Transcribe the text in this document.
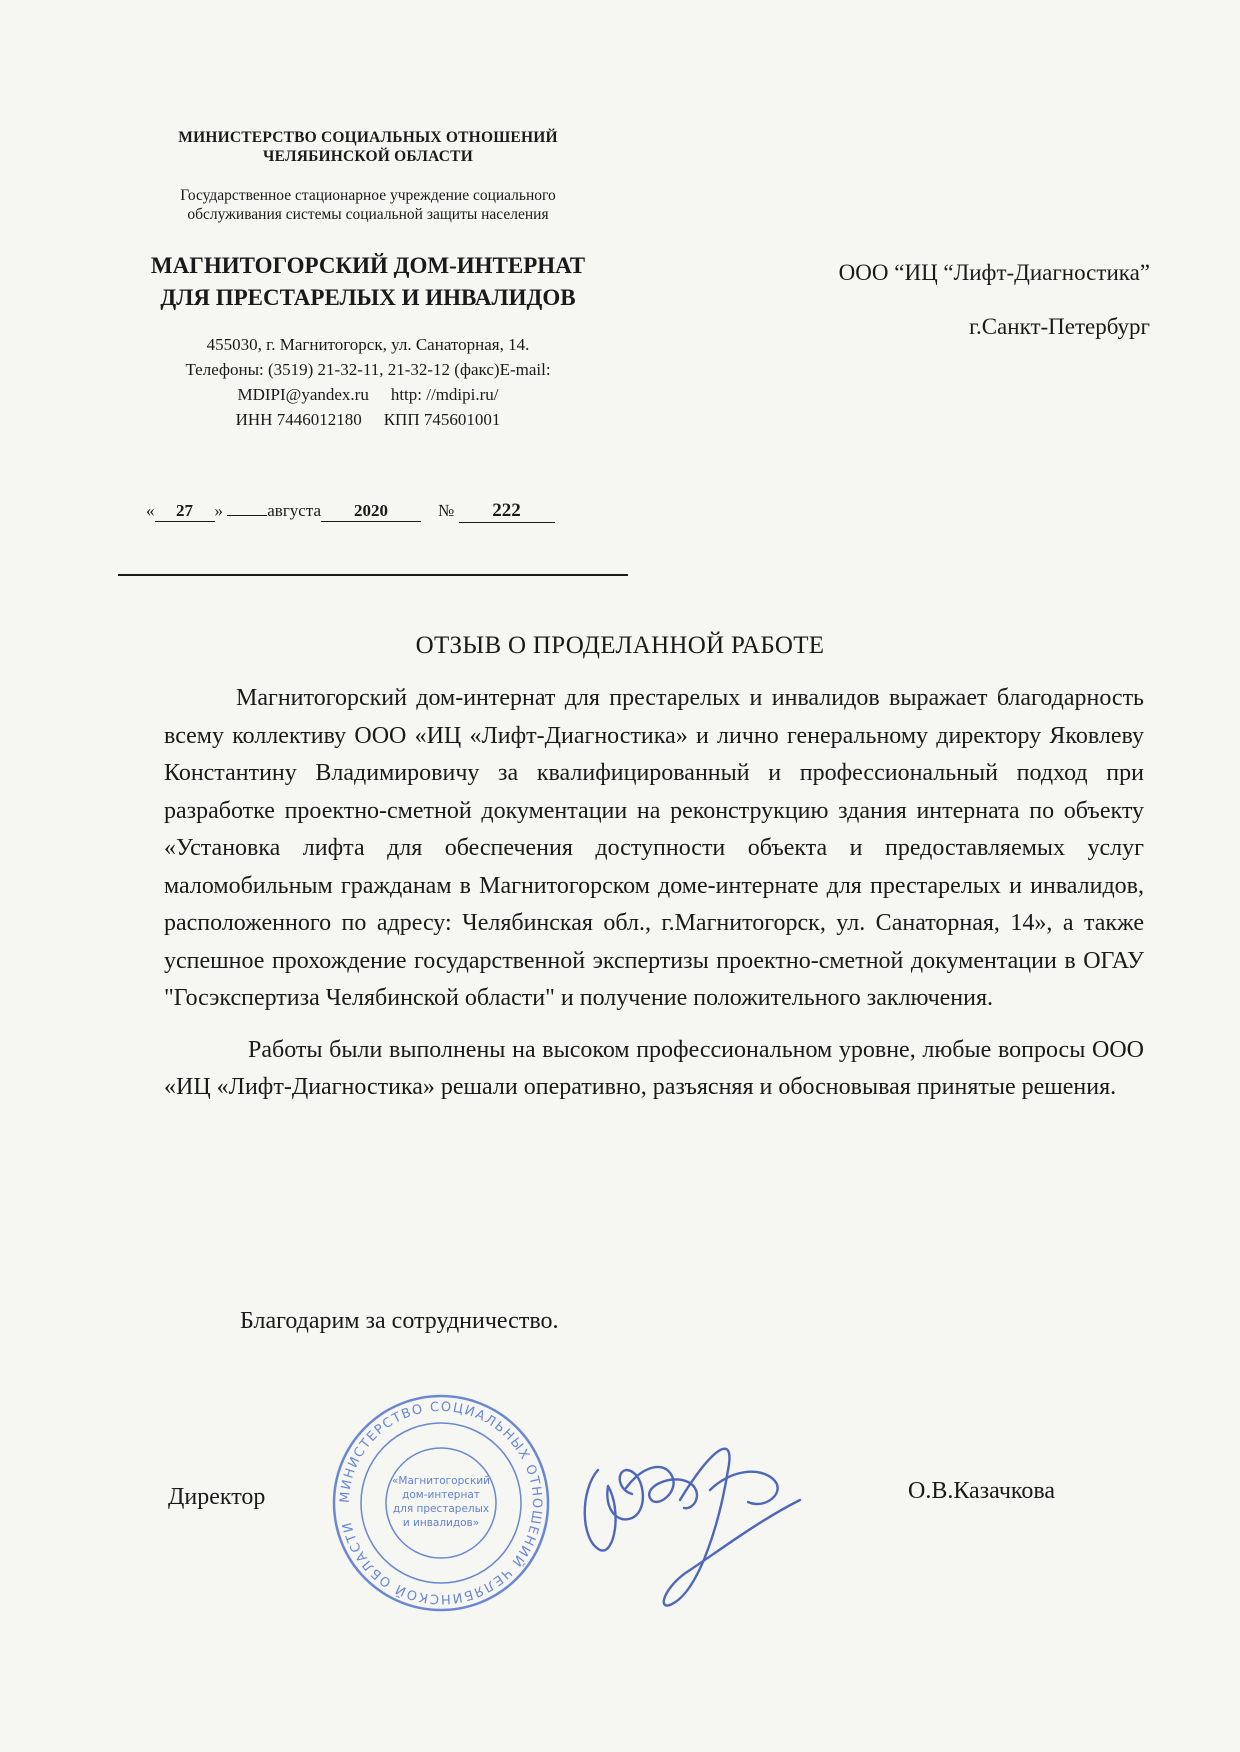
МИНИСТЕРСТВО СОЦИАЛЬНЫХ ОТНОШЕНИЙ
ЧЕЛЯБИНСКОЙ ОБЛАСТИ
Государственное стационарное учреждение социального
обслуживания системы социальной защиты населения
МАГНИТОГОРСКИЙ ДОМ-ИНТЕРНАТ
ДЛЯ ПРЕСТАРЕЛЫХ И ИНВАЛИДОВ
455030, г. Магнитогорск, ул. Санаторная, 14.
Телефоны: (3519) 21-32-11, 21-32-12 (факс)E-mail:
MDIPI@yandex.ru http: //mdipi.ru/
ИНН 7446012180 КПП 745601001
« 27 »	августа 2020	№ 222
ООО “ИЦ “Лифт-Диагностика”
г.Санкт-Петербург
ОТЗЫВ О ПРОДЕЛАННОЙ РАБОТЕ

Магнитогорский дом-интернат для престарелых и инвалидов выражает благодарность всему коллективу ООО «ИЦ «Лифт-Диагностика» и лично генеральному директору Яковлеву Константину Владимировичу за квалифицированный и профессиональный подход при разработке проектно-сметной документации на реконструкцию здания интерната по объекту «Установка лифта для обеспечения доступности объекта и предоставляемых услуг маломобильным гражданам в Магнитогорском доме-интернате для престарелых и инвалидов, расположенного по адресу: Челябинская обл., г.Магнитогорск, ул. Санаторная, 14», а также успешное прохождение государственной экспертизы проектно-сметной документации в ОГАУ "Госэкспертиза Челябинской области" и получение положительного заключения.

Работы были выполнены на высоком профессиональном уровне, любые вопросы ООО «ИЦ «Лифт-Диагностика» решали оперативно, разъясняя и обосновывая принятые решения.

Благодарим за сотрудничество.
Директор	МИНИСТЕРСТВО СОЦИАЛЬНЫХ ОТНОШЕНИЙ ЧЕЛЯБИНСКОЙ ОБЛАСТИ
«Магнитогорский
дом-интернат
для престарелых
и инвалидов»
О.В.Казачкова
